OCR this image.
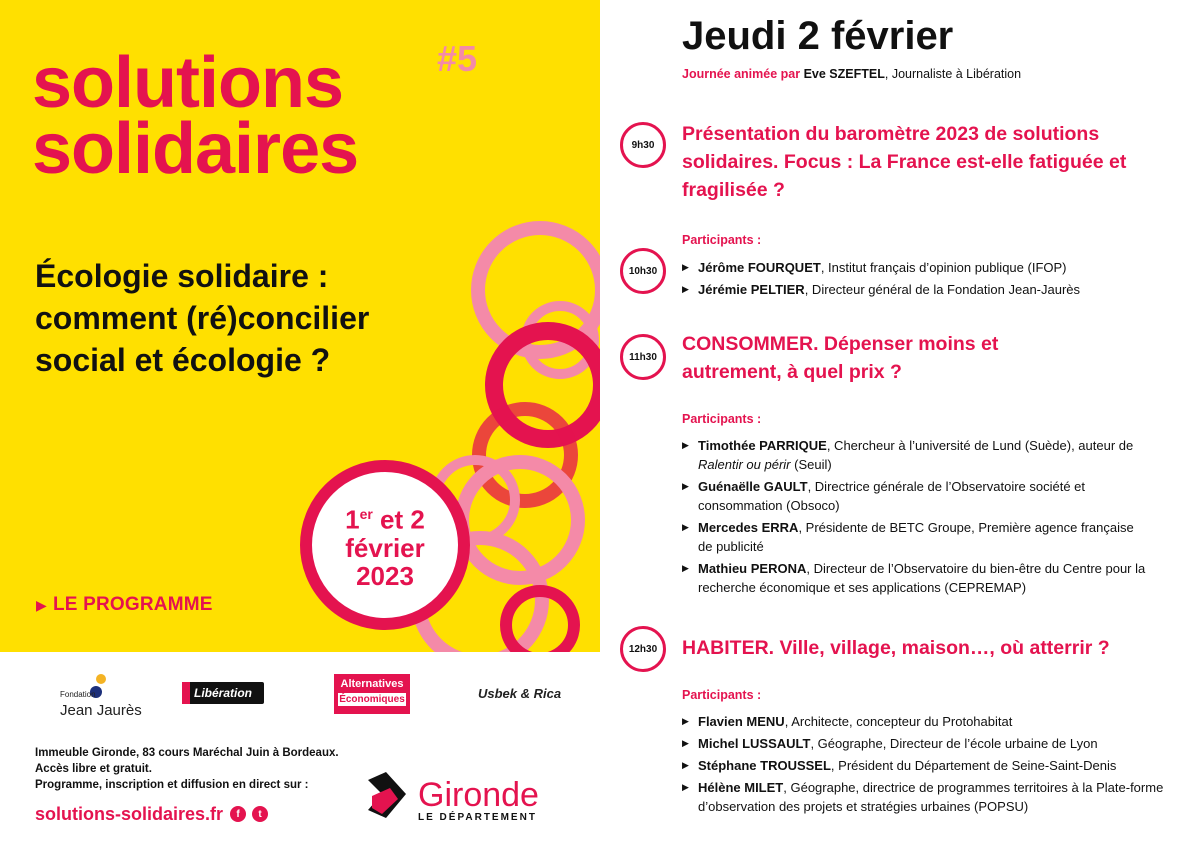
solutions
solidaires
#5
Écologie solidaire :
comment (ré)concilier
social et écologie ?
1er et 2
février
2023
▶ LE PROGRAMME
Fondation
Jean Jaurès
Libération
Alternatives
Économiques	Usbek & Rica
Immeuble Gironde, 83 cours Maréchal Juin à Bordeaux.
Accès libre et gratuit.
Programme, inscription et diffusion en direct sur :
solutions-solidaires.fr	f	t	Gironde
LE DÉPARTEMENT
Jeudi 2 février
Journée animée par Eve SZEFTEL, Journaliste à Libération
9h30	Présentation du baromètre 2023 de solutions solidaires. Focus : La France est-elle fatiguée et fragilisée ?
Participants :
10h30
▶	Jérôme FOURQUET, Institut français d’opinion publique (IFOP)
▶ Jérémie PELTIER, Directeur général de la Fondation Jean-Jaurès
11h30
CONSOMMER. Dépenser moins et autrement, à quel prix ?
Participants :
▶ Timothée PARRIQUE, Chercheur à l’université de Lund (Suède), auteur de Ralentir ou périr (Seuil)
▶ Guénaëlle GAULT, Directrice générale de l’Observatoire société et consommation (Obsoco)
▶ Mercedes ERRA, Présidente de BETC Groupe, Première agence française de publicité
▶ Mathieu PERONA, Directeur de l’Observatoire du bien-être du Centre pour la recherche économique et ses applications (CEPREMAP)
12h30	HABITER. Ville, village, maison…, où atterrir ?
Participants :
▶ Flavien MENU, Architecte, concepteur du Protohabitat
▶ Michel LUSSAULT, Géographe, Directeur de l’école urbaine de Lyon
▶ Stéphane TROUSSEL, Président du Département de Seine-Saint-Denis
▶ Hélène MILET, Géographe, directrice de programmes territoires à la Plate-forme d’observation des projets et stratégies urbaines (POPSU)
